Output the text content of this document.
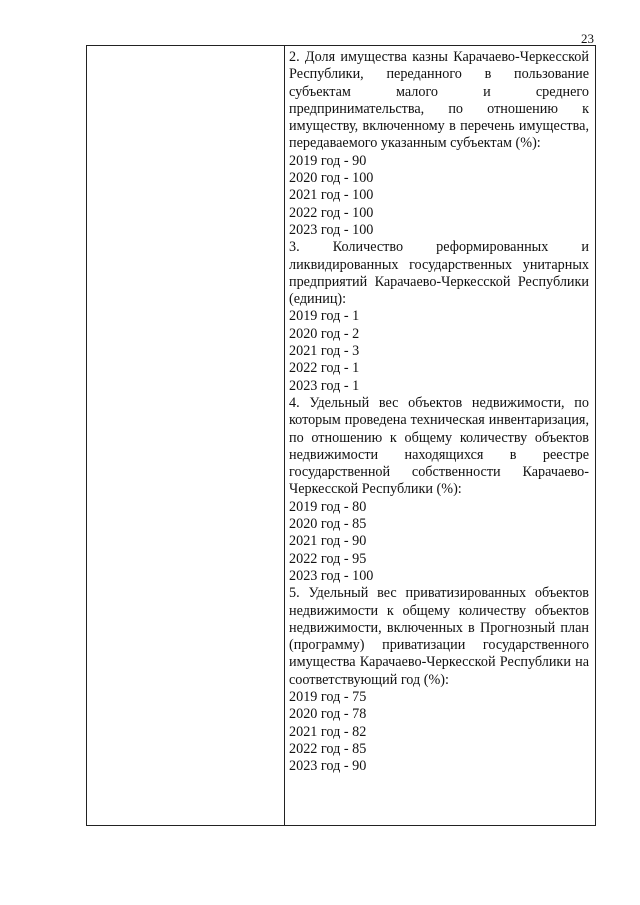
23

2. Доля имущества казны Карачаево-Черкесской Республики, переданного в пользование субъектам малого и среднего предпринимательства, по отношению к имуществу, включенному в перечень имущества, передаваемого указанным субъектам (%):

2019 год - 90

2020 год - 100

2021 год - 100

2022 год - 100

2023 год - 100

3. Количество реформированных и ликвидированных государственных унитарных предприятий Карачаево-Черкесской Республики (единиц):

2019 год - 1

2020 год - 2

2021 год - 3

2022 год - 1

2023 год - 1

4. Удельный вес объектов недвижимости, по которым проведена техническая инвентаризация, по отношению к общему количеству объектов недвижимости находящихся в реестре государственной собственности Карачаево-Черкесской Республики (%):

2019 год - 80

2020 год - 85

2021 год - 90

2022 год - 95

2023 год - 100

5. Удельный вес приватизированных объектов недвижимости к общему количеству объектов недвижимости, включенных в Прогнозный план (программу) приватизации государственного имущества Карачаево-Черкесской Республики на соответствующий год (%):

2019 год - 75

2020 год - 78

2021 год - 82

2022 год - 85

2023 год - 90
